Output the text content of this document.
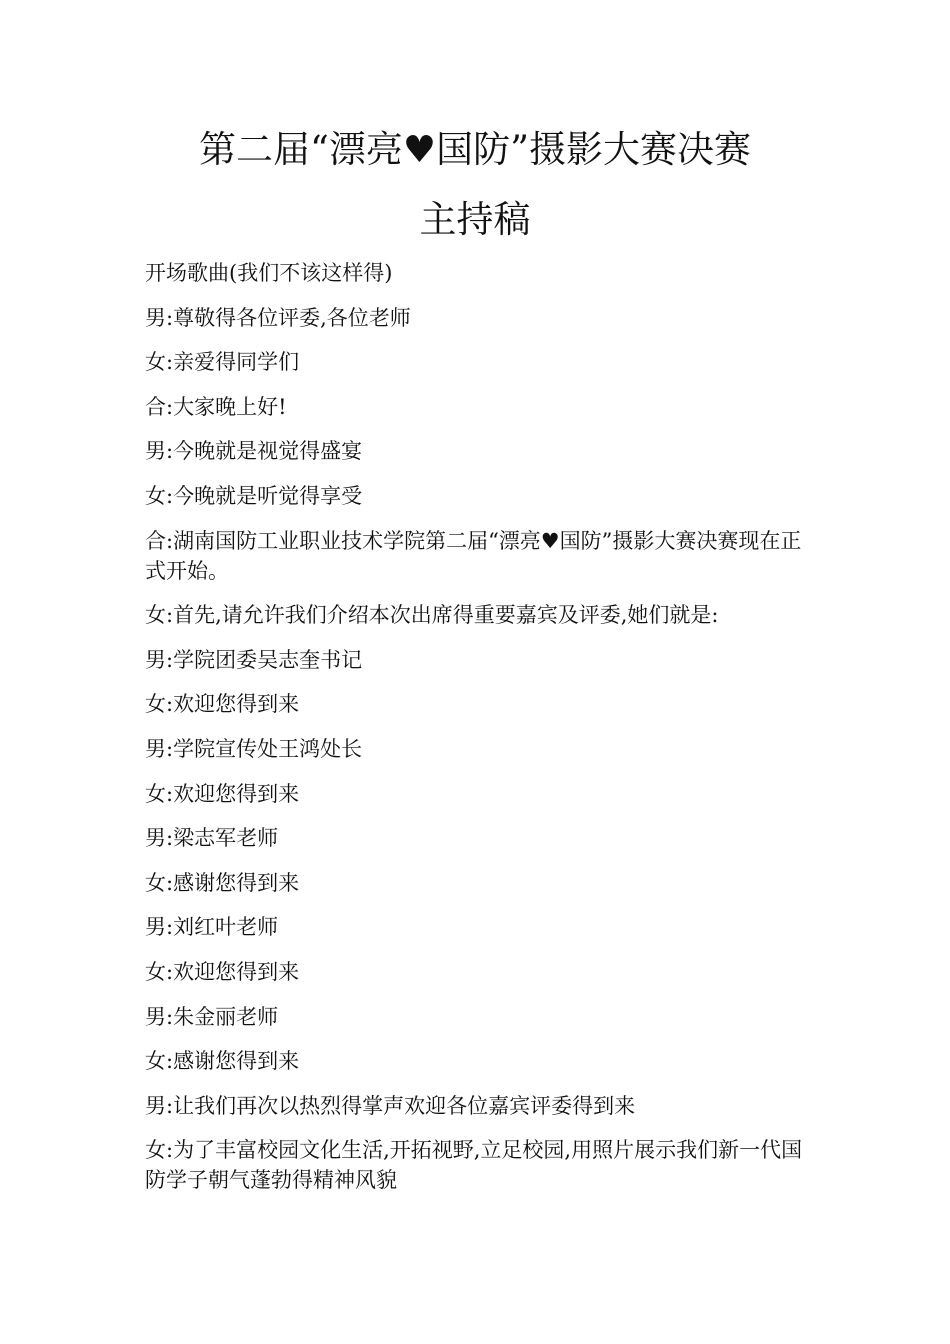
第二届“漂亮♥国防”摄影大赛决赛
主持稿

开场歌曲(我们不该这样得)

男:尊敬得各位评委,各位老师

女:亲爱得同学们

合:大家晚上好!

男:今晚就是视觉得盛宴

女:今晚就是听觉得享受

合:湖南国防工业职业技术学院第二届“漂亮♥国防”摄影大赛决赛现在正式开始。

女:首先,请允许我们介绍本次出席得重要嘉宾及评委,她们就是:

男:学院团委吴志奎书记

女:欢迎您得到来

男:学院宣传处王鸿处长

女:欢迎您得到来

男:梁志军老师

女:感谢您得到来

男:刘红叶老师

女:欢迎您得到来

男:朱金丽老师

女:感谢您得到来

男:让我们再次以热烈得掌声欢迎各位嘉宾评委得到来

女:为了丰富校园文化生活,开拓视野,立足校园,用照片展示我们新一代国防学子朝气蓬勃得精神风貌
